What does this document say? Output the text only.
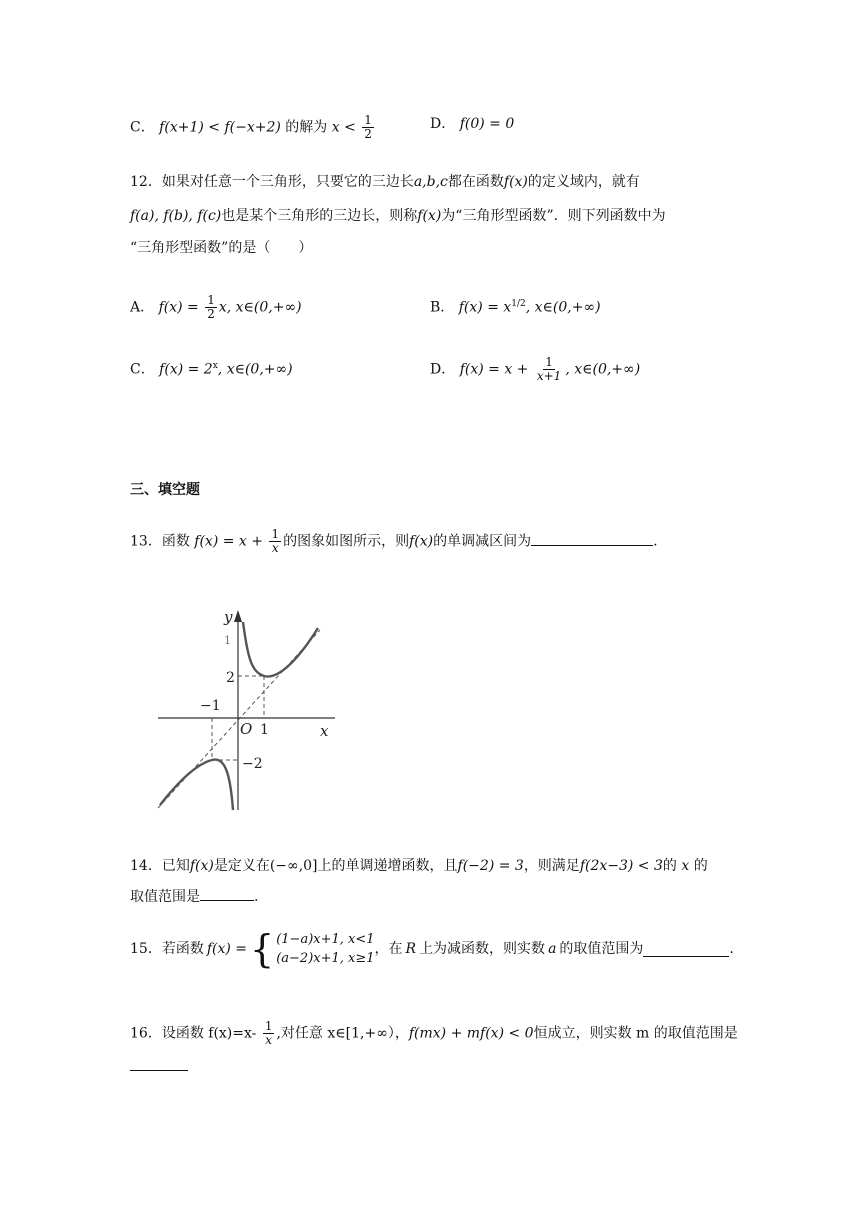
C． f(x+1) < f(−x+2) 的解为 $x < \frac{1}{2}$	D． f(0) = 0
12．如果对任意一个三角形，只要它的三边长a,b,c都在函数f(x)的定义域内，就有
f(a), f(b), f(c)也是某个三角形的三边长，则称f(x)为“三角形型函数”．则下列函数中为
“三角形型函数”的是（　　）
A． $f(x) = \frac{1}{2} x$, x∈(0,+∞)	B． $f(x) = x^{1/2}$, x∈(0,+∞)
C． $f(x) = 2^x$, x∈(0,+∞)	D． $f(x) = x + \frac{1}{x+1}$ , x∈(0,+∞)
三、填空题
13．函数 $f(x) = x + \frac{1}{x}$ 的图象如图所示，则f(x)的单调减区间为	.
y
x
O
−1
1
2
−2
1
14．已知f(x)是定义在(−∞,0]上的单调递增函数，且f(−2) = 3，则满足f(2x−3) < 3的 x 的
取值范围是	.
15．若函数 f(x) = { (1−a)x+1, x<1
(a−2)x+1, x≥1
，在 R 上为减函数，则实数 a 的取值范围为	.
16．设函数 $f(x)=x- \frac{1}{x}$ ,对任意 x∈[1,+∞），f(mx) + mf(x) < 0恒成立，则实数 m 的取值范围是
